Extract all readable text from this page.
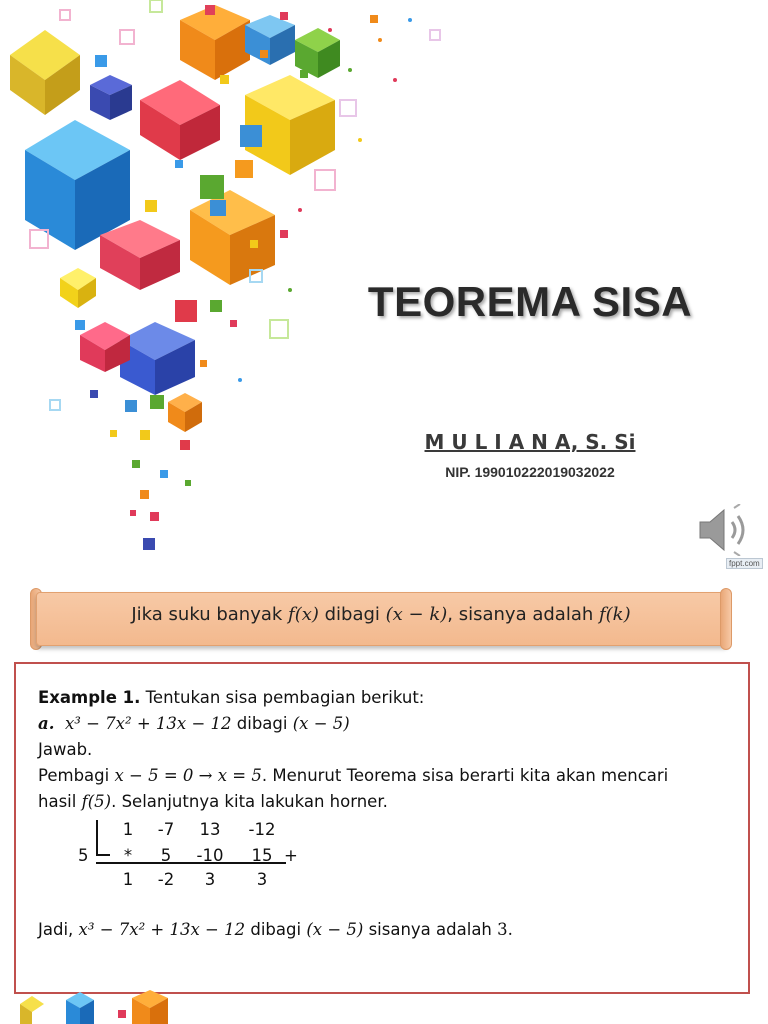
TEOREMA SISA
M U L I A N A, S. Si
NIP. 199010222019032022
fppt.com
Jika suku banyak f(x) dibagi (x − k), sisanya adalah f(k)
Example 1. Tentukan sisa pembagian berikut:
a. x³ − 7x² + 13x − 12 dibagi (x − 5)
Jawab.
Pembagi x − 5 = 0 → x = 5. Menurut Teorema sisa berarti kita akan mencari
hasil f(5). Selanjutnya kita lakukan horner.
5
1	-7	13	-12
*	5	-10	15 +
1	-2	3	3
Jadi, x³ − 7x² + 13x − 12 dibagi (x − 5) sisanya adalah 3.
